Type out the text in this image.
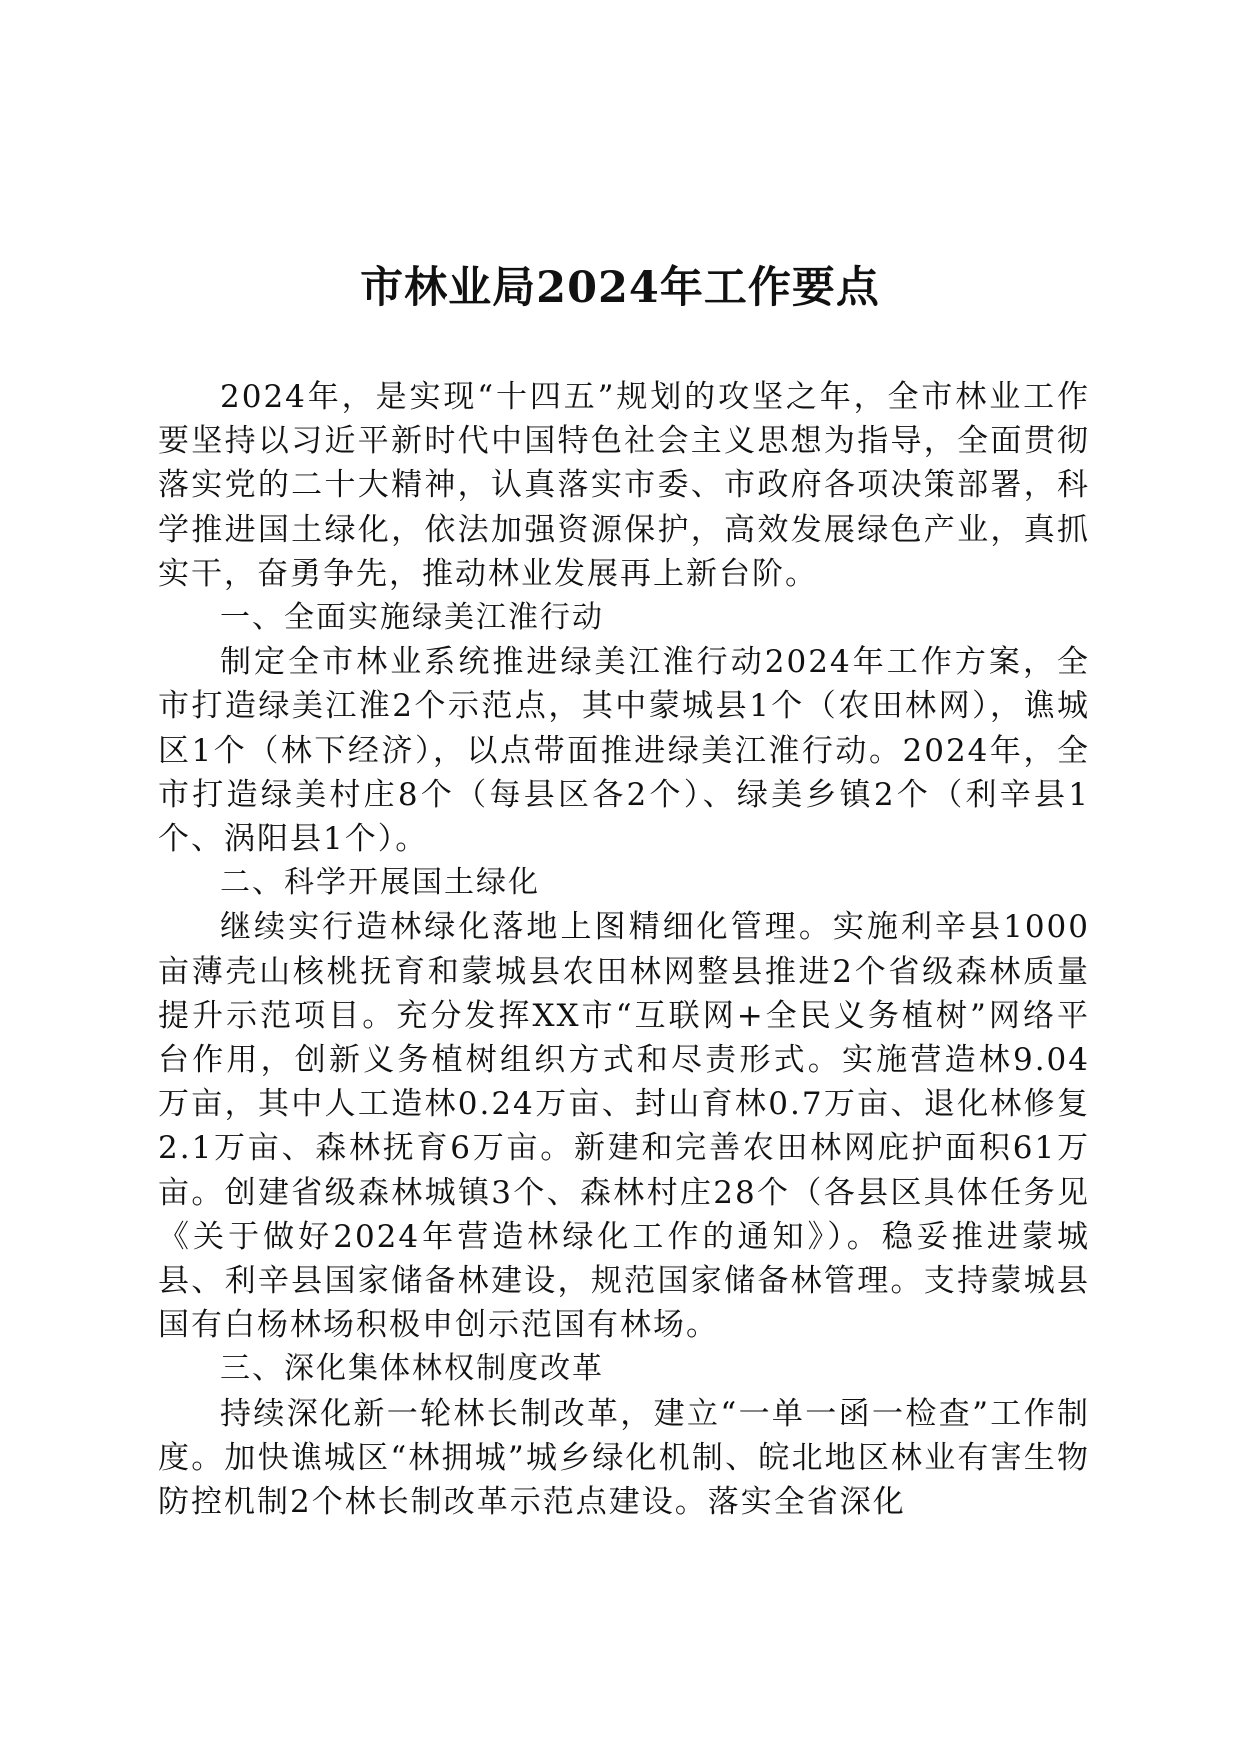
市林业局2024年工作要点

2024年，是实现“十四五”规划的攻坚之年，全市林业工作要坚持以习近平新时代中国特色社会主义思想为指导，全面贯彻落实党的二十大精神，认真落实市委、市政府各项决策部署，科学推进国土绿化，依法加强资源保护，高效发展绿色产业，真抓实干，奋勇争先，推动林业发展再上新台阶。

一、全面实施绿美江淮行动

制定全市林业系统推进绿美江淮行动2024年工作方案，全市打造绿美江淮2个示范点，其中蒙城县1个（农田林网），谯城区1个（林下经济），以点带面推进绿美江淮行动。2024年，全市打造绿美村庄8个（每县区各2个）、绿美乡镇2个（利辛县1个、涡阳县1个）。

二、科学开展国土绿化

继续实行造林绿化落地上图精细化管理。实施利辛县1000亩薄壳山核桃抚育和蒙城县农田林网整县推进2个省级森林质量提升示范项目。充分发挥XX市“互联网+全民义务植树”网络平台作用，创新义务植树组织方式和尽责形式。实施营造林9.04万亩，其中人工造林0.24万亩、封山育林0.7万亩、退化林修复2.1万亩、森林抚育6万亩。新建和完善农田林网庇护面积61万亩。创建省级森林城镇3个、森林村庄28个（各县区具体任务见《关于做好2024年营造林绿化工作的通知》）。稳妥推进蒙城县、利辛县国家储备林建设，规范国家储备林管理。支持蒙城县国有白杨林场积极申创示范国有林场。

三、深化集体林权制度改革

持续深化新一轮林长制改革，建立“一单一函一检查”工作制度。加快谯城区“林拥城”城乡绿化机制、皖北地区林业有害生物防控机制2个林长制改革示范点建设。落实全省深化
